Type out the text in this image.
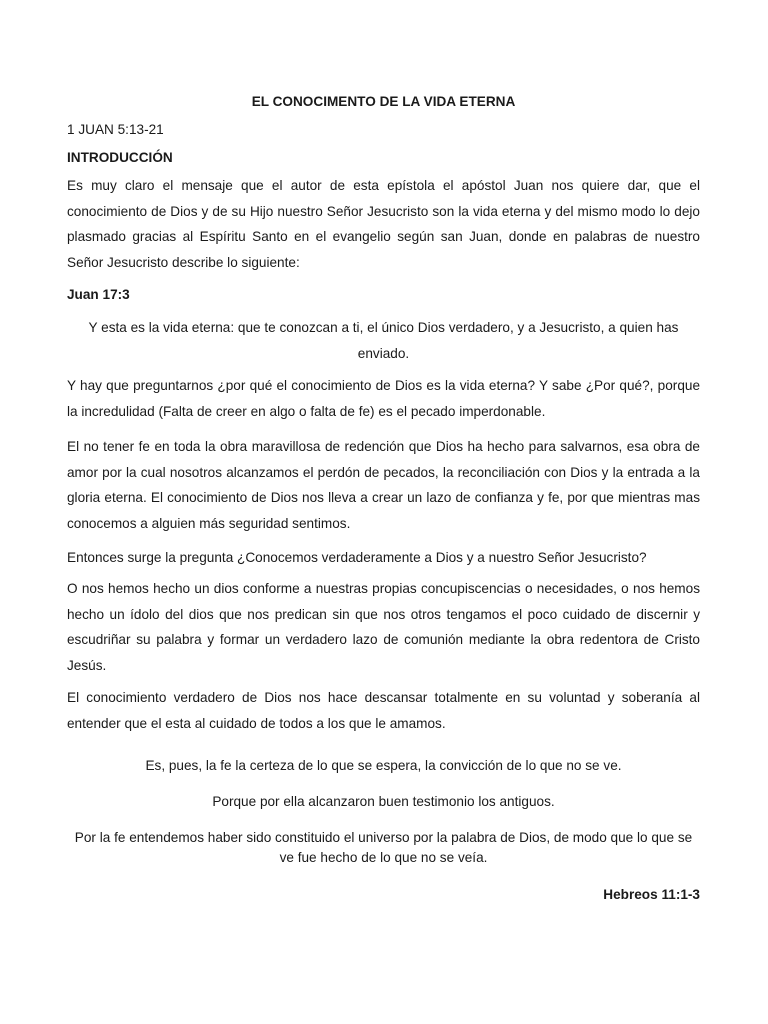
EL CONOCIMENTO DE LA VIDA ETERNA
1 JUAN 5:13-21
INTRODUCCIÓN
Es muy claro el mensaje que el autor de esta epístola el apóstol Juan nos quiere dar, que el conocimiento de Dios y de su Hijo nuestro Señor Jesucristo son la vida eterna y del mismo modo lo dejo plasmado gracias al Espíritu Santo en el evangelio según san Juan, donde en palabras de nuestro Señor Jesucristo describe lo siguiente:
Juan 17:3
Y esta es la vida eterna: que te conozcan a ti, el único Dios verdadero, y a Jesucristo, a quien has
enviado.
Y hay que preguntarnos ¿por qué el conocimiento de Dios es la vida eterna? Y sabe ¿Por qué?, porque la incredulidad (Falta de creer en algo o falta de fe) es el pecado imperdonable.
El no tener fe en toda la obra maravillosa de redención que Dios ha hecho para salvarnos, esa obra de amor por la cual nosotros alcanzamos el perdón de pecados, la reconciliación con Dios y la entrada a la gloria eterna. El conocimiento de Dios nos lleva a crear un lazo de confianza y fe, por que mientras mas conocemos a alguien más seguridad sentimos.
Entonces surge la pregunta ¿Conocemos verdaderamente a Dios y a nuestro Señor Jesucristo?
O nos hemos hecho un dios conforme a nuestras propias concupiscencias o necesidades, o nos hemos hecho un ídolo del dios que nos predican sin que nos otros tengamos el poco cuidado de discernir y escudriñar su palabra y formar un verdadero lazo de comunión mediante la obra redentora de Cristo Jesús.
El conocimiento verdadero de Dios nos hace descansar totalmente en su voluntad y soberanía al entender que el esta al cuidado de todos a los que le amamos.
Es, pues, la fe la certeza de lo que se espera, la convicción de lo que no se ve.
Porque por ella alcanzaron buen testimonio los antiguos.
Por la fe entendemos haber sido constituido el universo por la palabra de Dios, de modo que lo que se
ve fue hecho de lo que no se veía.
Hebreos 11:1-3
